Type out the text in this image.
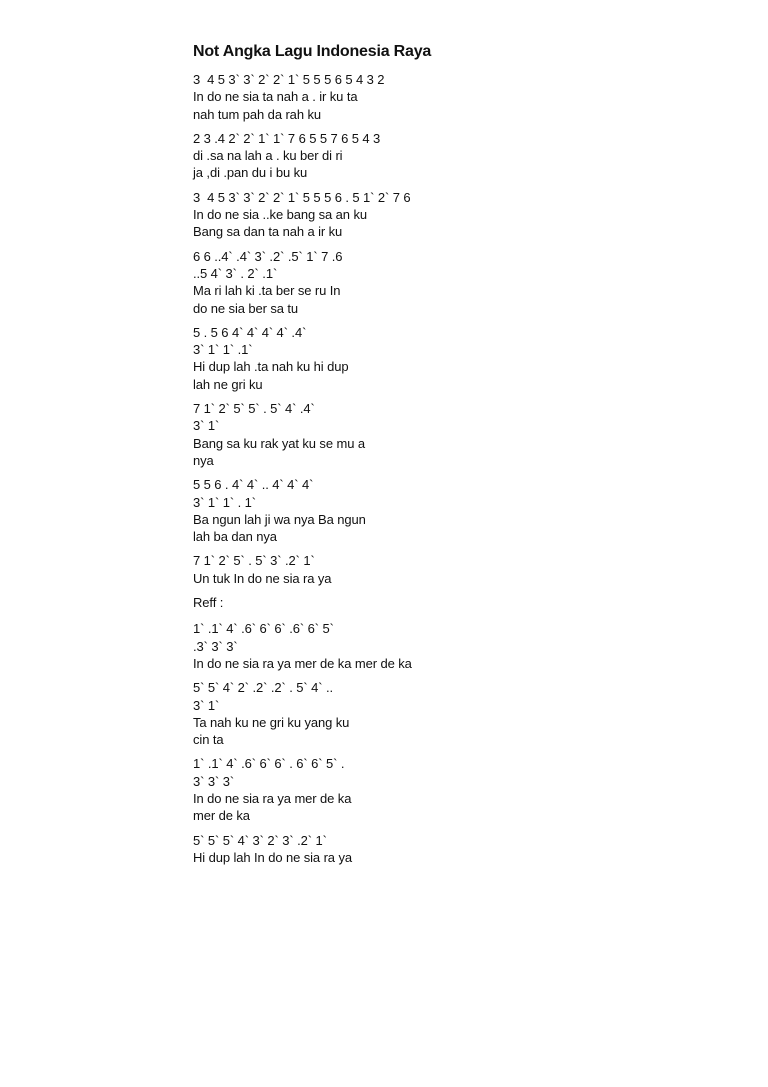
Not Angka Lagu Indonesia Raya
3  4 5 3` 3` 2` 2` 1` 5 5 5 6 5 4 3 2
In do ne sia ta nah a . ir ku ta
nah tum pah da rah ku
2 3 .4 2` 2` 1` 1` 7 6 5 5 7 6 5 4 3
di .sa na lah a . ku ber di ri
ja ,di .pan du i bu ku
3  4 5 3` 3` 2` 2` 1` 5 5 5 6 . 5 1` 2` 7 6
In do ne sia ..ke bang sa an ku
Bang sa dan ta nah a ir ku
6 6 ..4` .4` 3` .2` .5` 1` 7 .6
..5 4` 3` . 2` .1`
Ma ri lah ki .ta ber se ru In
do ne sia ber sa tu
5 . 5 6 4` 4` 4` 4` .4`
3` 1` 1` .1`
Hi dup lah .ta nah ku hi dup
lah ne gri ku
7 1` 2` 5` 5` . 5` 4` .4`
3` 1`
Bang sa ku rak yat ku se mu a
nya
5 5 6 . 4` 4` .. 4` 4` 4`
3` 1` 1` . 1`
Ba ngun lah ji wa nya Ba ngun
lah ba dan nya
7 1` 2` 5` . 5` 3` .2` 1`
Un tuk In do ne sia ra ya
Reff :
1` .1` 4` .6` 6` 6` .6` 6` 5`
.3` 3` 3`
In do ne sia ra ya mer de ka mer de ka
5` 5` 4` 2` .2` .2` . 5` 4` ..
3` 1`
Ta nah ku ne gri ku yang ku
cin ta
1` .1` 4` .6` 6` 6` . 6` 6` 5` .
3` 3` 3`
In do ne sia ra ya mer de ka
mer de ka
5` 5` 5` 4` 3` 2` 3` .2` 1`
Hi dup lah In do ne sia ra ya
